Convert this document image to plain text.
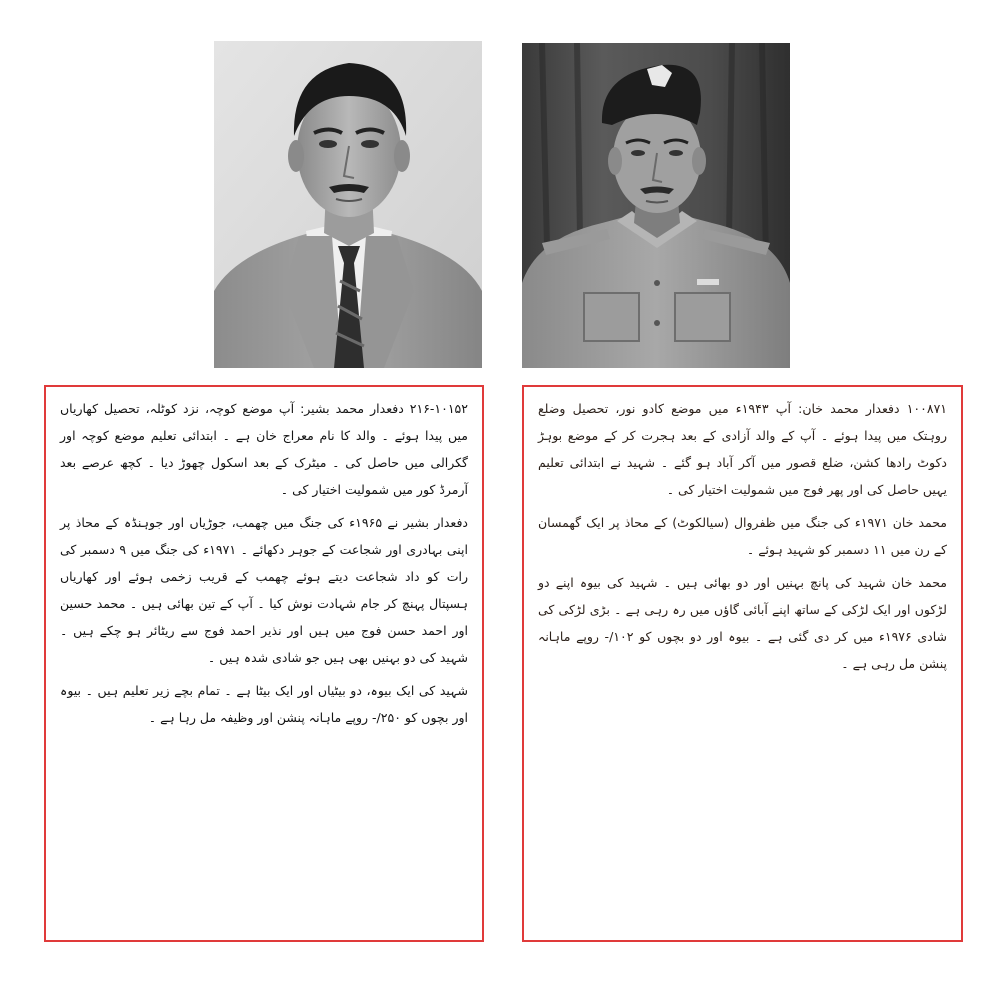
۲۱۶-۱۰۱۵۲ دفعدار محمد بشیر: آپ موضع کوچہ، نزد کوٹلہ، تحصیل کھاریاں میں پیدا ہوئے ۔ والد کا نام معراج خان ہے ۔ ابتدائی تعلیم موضع کوچہ اور گکرالی میں حاصل کی ۔ میٹرک کے بعد اسکول چھوڑ دیا ۔ کچھ عرصے بعد آرمرڈ کور میں شمولیت اختیار کی ۔

دفعدار بشیر نے ۱۹۶۵ء کی جنگ میں چھمب، جوڑیاں اور جوہنڈہ کے محاذ پر اپنی بہادری اور شجاعت کے جوہر دکھائے ۔ ۱۹۷۱ء کی جنگ میں ۹ دسمبر کی رات کو داد شجاعت دیتے ہوئے چھمب کے قریب زخمی ہوئے اور کھاریاں ہسپتال پہنچ کر جام شہادت نوش کیا ۔ آپ کے تین بھائی ہیں ۔ محمد حسین اور احمد حسن فوج میں ہیں اور نذیر احمد فوج سے ریٹائر ہو چکے ہیں ۔ شہید کی دو بہنیں بھی ہیں جو شادی شدہ ہیں ۔

شہید کی ایک بیوہ، دو بیٹیاں اور ایک بیٹا ہے ۔ تمام بچے زیر تعلیم ہیں ۔ بیوہ اور بچوں کو ۲۵۰/- روپے ماہانہ پنشن اور وظیفہ مل رہا ہے ۔

۱۰۰۸۷۱ دفعدار محمد خان: آپ ۱۹۴۳ء میں موضع کادو نور، تحصیل وضلع روہتک میں پیدا ہوئے ۔ آپ کے والد آزادی کے بعد ہجرت کر کے موضع بوہڑ دکوٹ رادھا کشن، ضلع قصور میں آکر آباد ہو گئے ۔ شہید نے ابتدائی تعلیم یہیں حاصل کی اور پھر فوج میں شمولیت اختیار کی ۔

محمد خان ۱۹۷۱ء کی جنگ میں ظفروال (سیالکوٹ) کے محاذ پر ایک گھمسان کے رن میں ۱۱ دسمبر کو شہید ہوئے ۔

محمد خان شہید کی پانچ بہنیں اور دو بھائی ہیں ۔ شہید کی بیوہ اپنے دو لڑکوں اور ایک لڑکی کے ساتھ اپنے آبائی گاؤں میں رہ رہی ہے ۔ بڑی لڑکی کی شادی ۱۹۷۶ء میں کر دی گئی ہے ۔ بیوہ اور دو بچوں کو ۱۰۲/- روپے ماہانہ پنشن مل رہی ہے ۔
